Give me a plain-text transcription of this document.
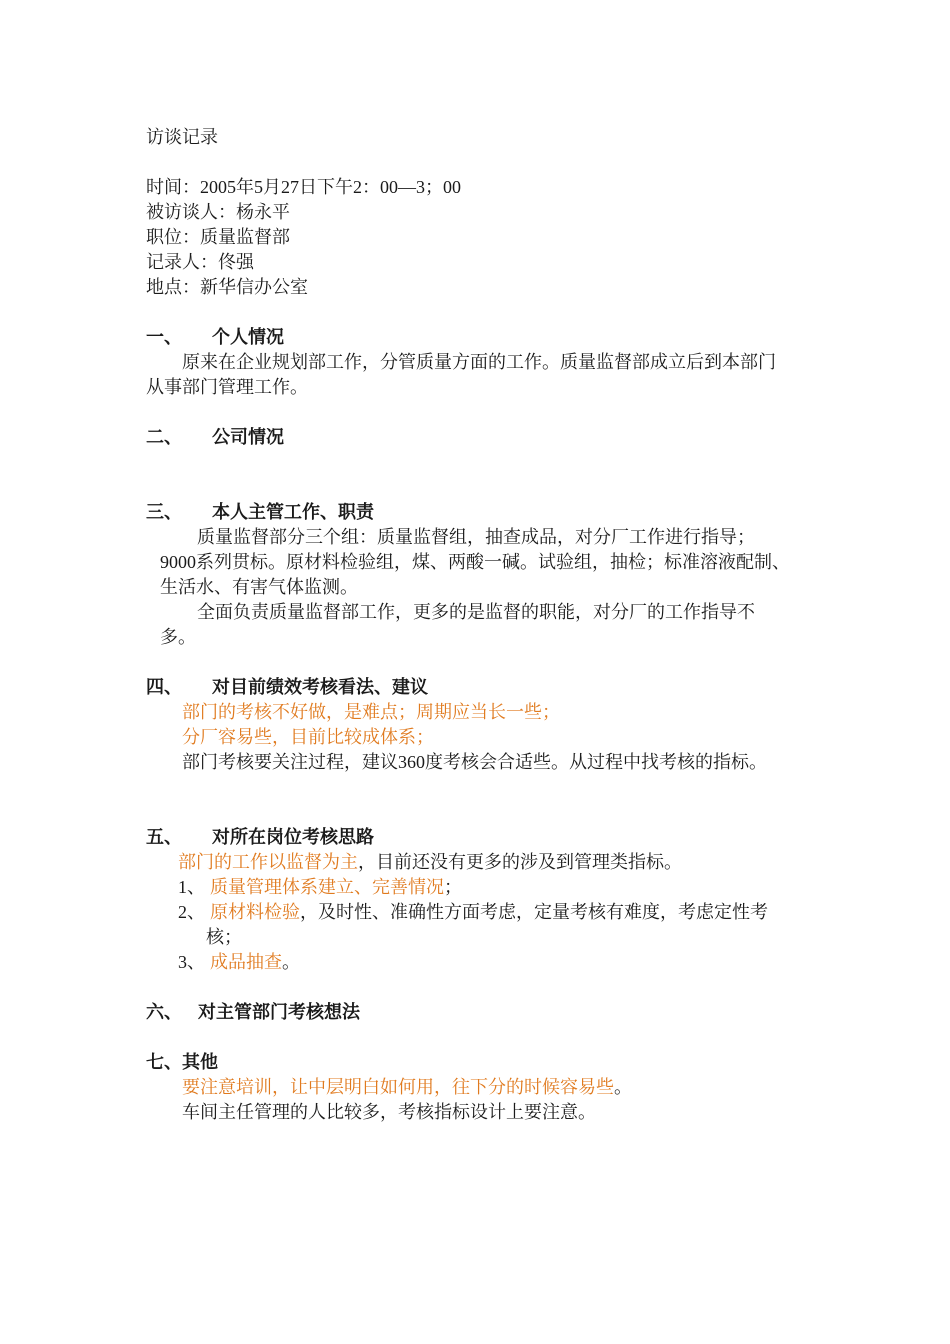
访谈记录
时间：2005年5月27日下午2：00—3；00
被访谈人：杨永平
职位：质量监督部
记录人：佟强
地点：新华信办公室
一、 个人情况
原来在企业规划部工作，分管质量方面的工作。质量监督部成立后到本部门
从事部门管理工作。
二、 公司情况
三、 本人主管工作、职责
质量监督部分三个组：质量监督组，抽查成品，对分厂工作进行指导；
9000系列贯标。原材料检验组，煤、两酸一碱。试验组，抽检；标准溶液配制、
生活水、有害气体监测。
全面负责质量监督部工作，更多的是监督的职能，对分厂的工作指导不
多。
四、 对目前绩效考核看法、建议
部门的考核不好做，是难点；周期应当长一些；
分厂容易些，目前比较成体系；
部门考核要关注过程，建议360度考核会合适些。从过程中找考核的指标。
五、 对所在岗位考核思路
部门的工作以监督为主，目前还没有更多的涉及到管理类指标。
1、 质量管理体系建立、完善情况；
2、 原材料检验，及时性、准确性方面考虑，定量考核有难度，考虑定性考
核；
3、 成品抽查。
六、 对主管部门考核想法
七、其他
要注意培训，让中层明白如何用，往下分的时候容易些。
车间主任管理的人比较多，考核指标设计上要注意。
